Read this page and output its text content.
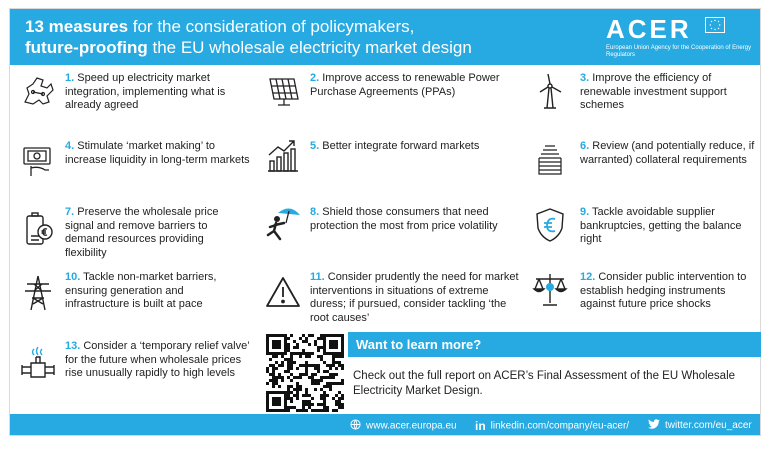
13 measures for the consideration of policymakers,
future-proofing the EU wholesale electricity market design
ACER
European Union Agency for the Cooperation of Energy Regulators
1. Speed up electricity market integration, implementing what is already agreed
2. Improve access to renewable Power Purchase Agreements (PPAs)
3. Improve the efficiency of renewable investment support schemes
4. Stimulate ‘market making’ to increase liquidity in long-term markets
5. Better integrate forward markets	6. Review (and potentially reduce, if warranted) collateral requirements
7. Preserve the wholesale price signal and remove barriers to demand resources providing flexibility
8. Shield those consumers that need protection the most from price volatility
9. Tackle avoidable supplier bankruptcies, getting the balance right
10. Tackle non-market barriers, ensuring generation and infrastructure is built at pace
11. Consider prudently the need for market interventions in situations of extreme duress; if pursued, consider tackling ‘the root causes’
12. Consider public intervention to establish hedging instruments against future price shocks
13. Consider a ‘temporary relief valve’ for the future when wholesale prices rise unusually rapidly to high levels
Want to learn more?
Check out the full report on ACER’s Final Assessment of the EU Wholesale Electricity Market Design.
www.acer.europa.eu in linkedin.com/company/eu-acer/	twitter.com/eu_acer
